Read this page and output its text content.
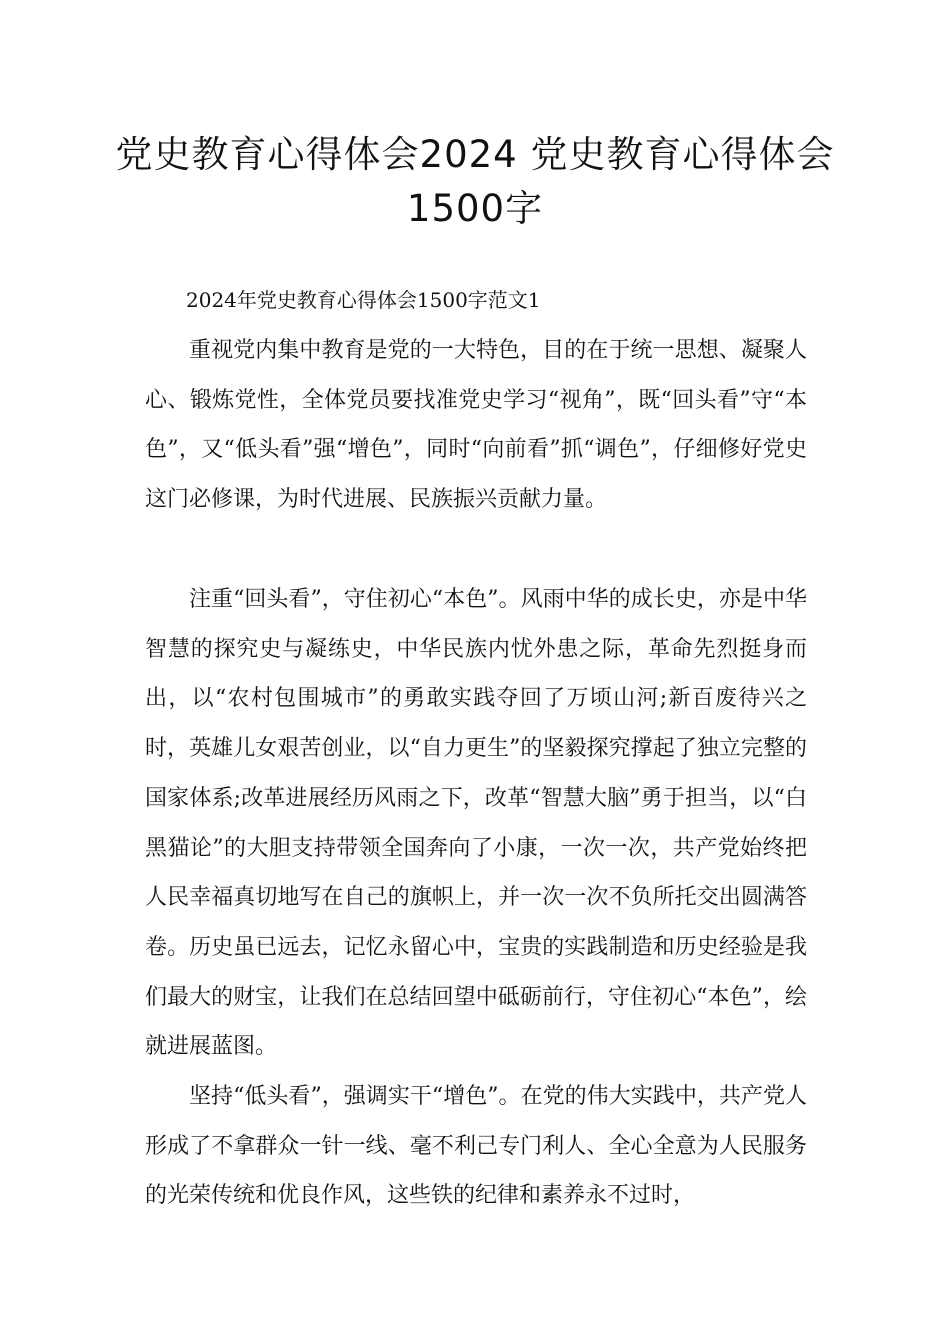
党史教育心得体会2024 党史教育心得体会1500字

2024年党史教育心得体会1500字范文1

重视党内集中教育是党的一大特色，目的在于统一思想、凝聚人心、锻炼党性，全体党员要找准党史学习“视角”，既“回头看”守“本色”，又“低头看”强“增色”，同时“向前看”抓“调色”，仔细修好党史这门必修课，为时代进展、民族振兴贡献力量。

注重“回头看”，守住初心“本色”。风雨中华的成长史，亦是中华智慧的探究史与凝练史，中华民族内忧外患之际，革命先烈挺身而出，以“农村包围城市”的勇敢实践夺回了万顷山河;新百废待兴之时，英雄儿女艰苦创业，以“自力更生”的坚毅探究撑起了独立完整的国家体系;改革进展经历风雨之下，改革“智慧大脑”勇于担当，以“白黑猫论”的大胆支持带领全国奔向了小康，一次一次，共产党始终把人民幸福真切地写在自己的旗帜上，并一次一次不负所托交出圆满答卷。历史虽已远去，记忆永留心中，宝贵的实践制造和历史经验是我们最大的财宝，让我们在总结回望中砥砺前行，守住初心“本色”，绘就进展蓝图。

坚持“低头看”，强调实干“增色”。在党的伟大实践中，共产党人形成了不拿群众一针一线、毫不利己专门利人、全心全意为人民服务的光荣传统和优良作风，这些铁的纪律和素养永不过时，
